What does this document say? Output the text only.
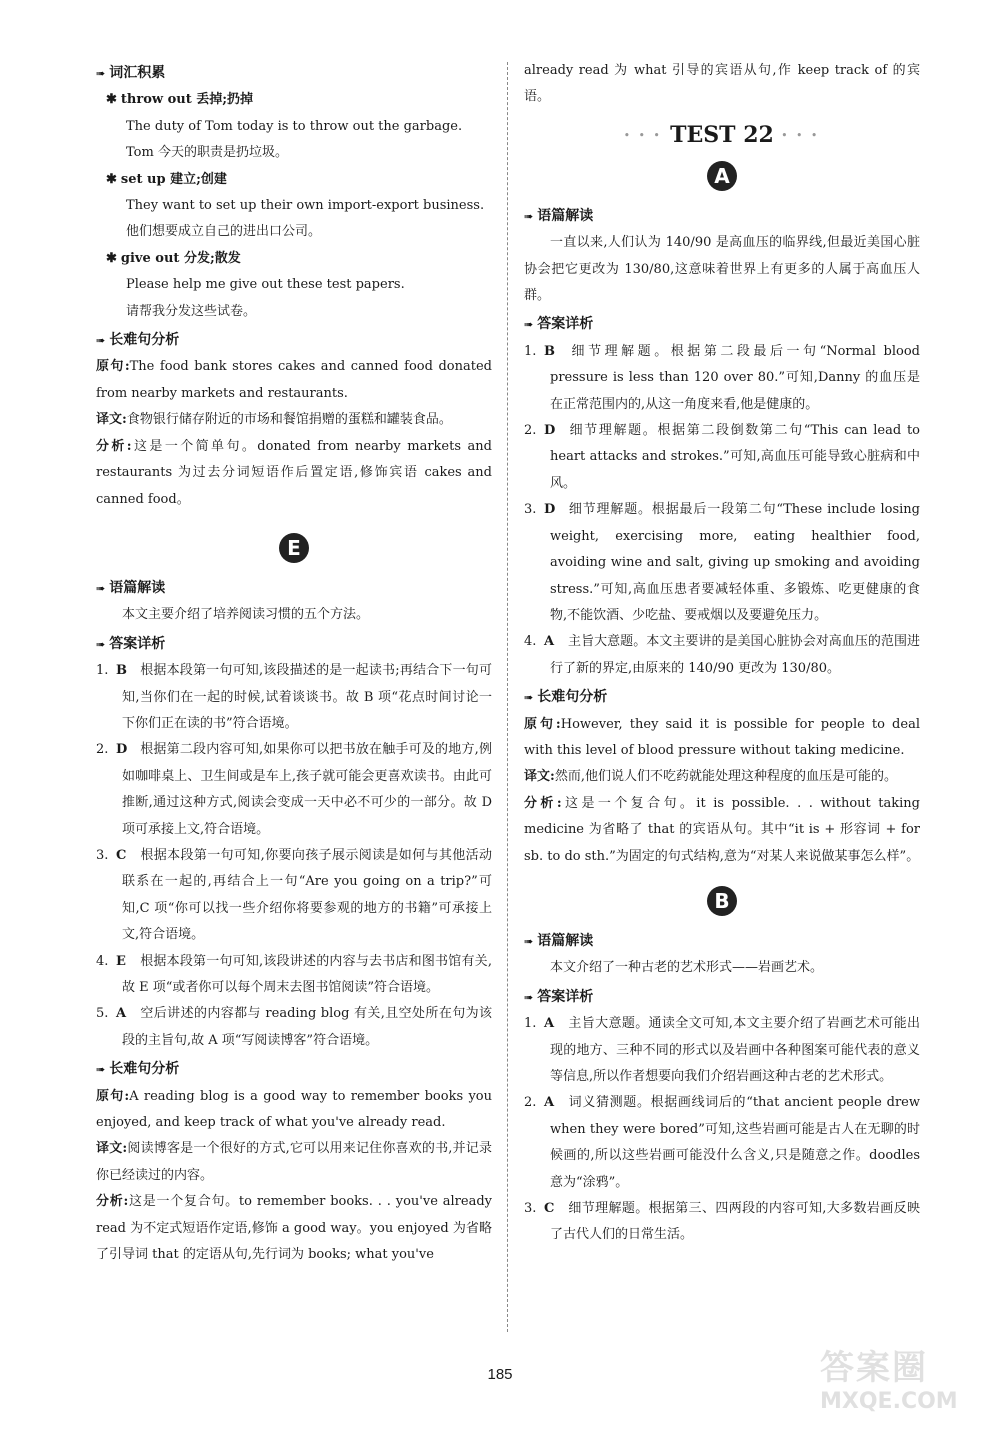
➠ 词汇积累
✱ throw out 丢掉;扔掉
The duty of Tom today is to throw out the garbage.
Tom 今天的职责是扔垃圾。
✱ set up 建立;创建
They want to set up their own import-export business.
他们想要成立自己的进出口公司。
✱ give out 分发;散发
Please help me give out these test papers.
请帮我分发这些试卷。
➠ 长难句分析
原句:The food bank stores cakes and canned food donated from nearby markets and restaurants.
译文:食物银行储存附近的市场和餐馆捐赠的蛋糕和罐装食品。
分析:这是一个简单句。donated from nearby markets and restaurants 为过去分词短语作后置定语,修饰宾语 cakes and canned food。
E
➠ 语篇解读
本文主要介绍了培养阅读习惯的五个方法。
➠ 答案详析
1. B 根据本段第一句可知,该段描述的是一起读书;再结合下一句可知,当你们在一起的时候,试着谈谈书。故 B 项“花点时间讨论一下你们正在读的书”符合语境。
2. D 根据第二段内容可知,如果你可以把书放在触手可及的地方,例如咖啡桌上、卫生间或是车上,孩子就可能会更喜欢读书。由此可推断,通过这种方式,阅读会变成一天中必不可少的一部分。故 D 项可承接上文,符合语境。
3. C 根据本段第一句可知,你要向孩子展示阅读是如何与其他活动联系在一起的,再结合上一句“Are you going on a trip?”可知,C 项“你可以找一些介绍你将要参观的地方的书籍”可承接上文,符合语境。
4. E 根据本段第一句可知,该段讲述的内容与去书店和图书馆有关,故 E 项“或者你可以每个周末去图书馆阅读”符合语境。
5. A 空后讲述的内容都与 reading blog 有关,且空处所在句为该段的主旨句,故 A 项“写阅读博客”符合语境。
➠ 长难句分析
原句:A reading blog is a good way to remember books you enjoyed, and keep track of what you've already read.
译文:阅读博客是一个很好的方式,它可以用来记住你喜欢的书,并记录你已经读过的内容。
分析:这是一个复合句。to remember books. . . you've already read 为不定式短语作定语,修饰 a good way。you enjoyed 为省略了引导词 that 的定语从句,先行词为 books; what you've
already read 为 what 引导的宾语从句,作 keep track of 的宾语。
• • • TEST 22 • • •
A
➠ 语篇解读
一直以来,人们认为 140/90 是高血压的临界线,但最近美国心脏协会把它更改为 130/80,这意味着世界上有更多的人属于高血压人群。
➠ 答案详析
1. B 细节理解题。根据第二段最后一句“Normal blood pressure is less than 120 over 80.”可知,Danny 的血压是在正常范围内的,从这一角度来看,他是健康的。
2. D 细节理解题。根据第二段倒数第二句“This can lead to heart attacks and strokes.”可知,高血压可能导致心脏病和中风。
3. D 细节理解题。根据最后一段第二句“These include losing weight, exercising more, eating healthier food, avoiding wine and salt, giving up smoking and avoiding stress.”可知,高血压患者要减轻体重、多锻炼、吃更健康的食物,不能饮酒、少吃盐、要戒烟以及要避免压力。
4. A 主旨大意题。本文主要讲的是美国心脏协会对高血压的范围进行了新的界定,由原来的 140/90 更改为 130/80。
➠ 长难句分析
原句:However, they said it is possible for people to deal with this level of blood pressure without taking medicine.
译文:然而,他们说人们不吃药就能处理这种程度的血压是可能的。
分析:这是一个复合句。it is possible. . . without taking medicine 为省略了 that 的宾语从句。其中“it is + 形容词 + for sb. to do sth.”为固定的句式结构,意为“对某人来说做某事怎么样”。
B
➠ 语篇解读
本文介绍了一种古老的艺术形式——岩画艺术。
➠ 答案详析
1. A 主旨大意题。通读全文可知,本文主要介绍了岩画艺术可能出现的地方、三种不同的形式以及岩画中各种图案可能代表的意义等信息,所以作者想要向我们介绍岩画这种古老的艺术形式。
2. A 词义猜测题。根据画线词后的“that ancient people drew when they were bored”可知,这些岩画可能是古人在无聊的时候画的,所以这些岩画可能没什么含义,只是随意之作。doodles 意为“涂鸦”。
3. C 细节理解题。根据第三、四两段的内容可知,大多数岩画反映了古代人们的日常生活。
185	答案圈
MXQE.COM
